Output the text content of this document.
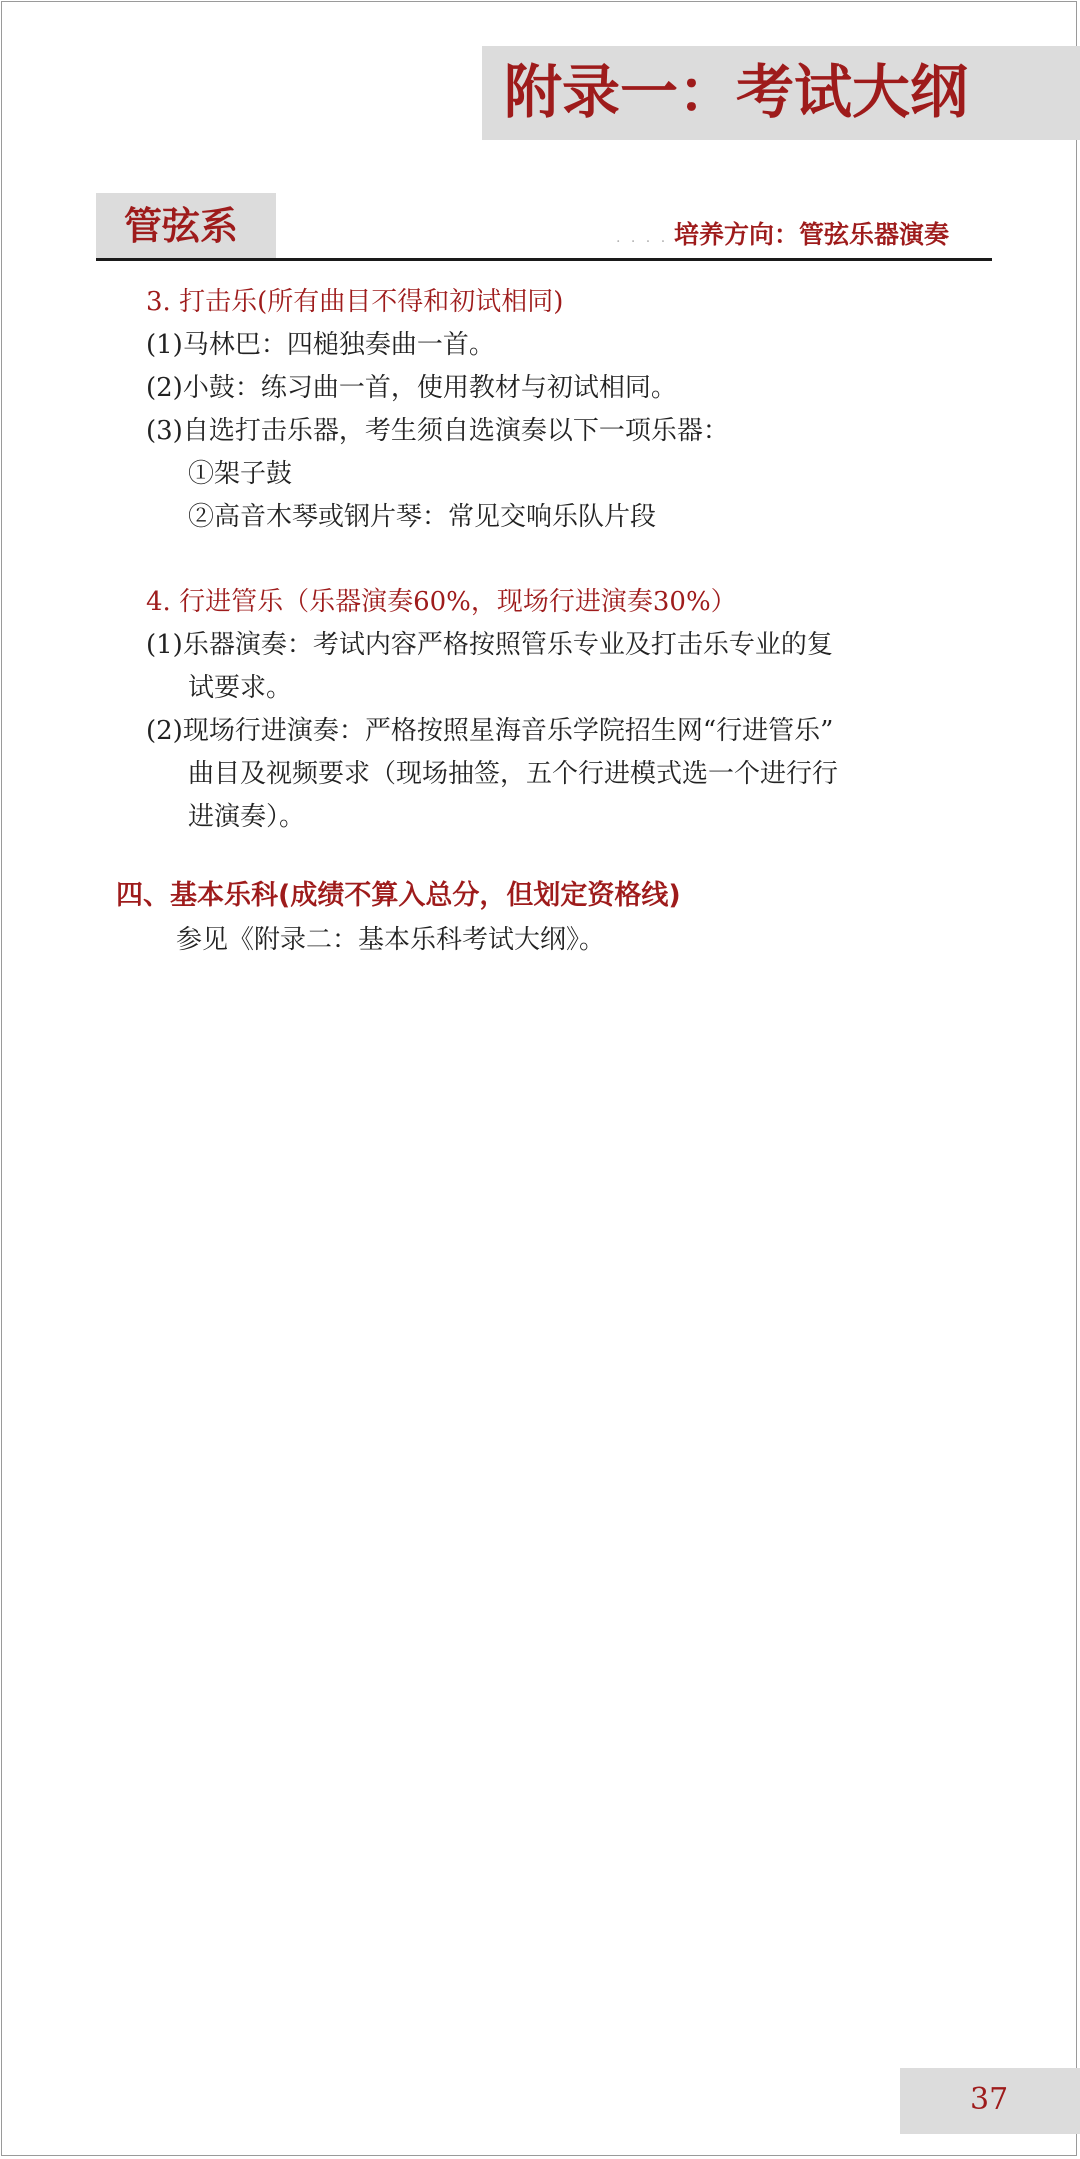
附录一：考试大纲
管弦系	. . . . 培养方向：管弦乐器演奏
3. 打击乐(所有曲目不得和初试相同)
(1)马林巴：四槌独奏曲一首。
(2)小鼓：练习曲一首，使用教材与初试相同。
(3)自选打击乐器，考生须自选演奏以下一项乐器：
①架子鼓
②高音木琴或钢片琴：常见交响乐队片段
4. 行进管乐（乐器演奏60%，现场行进演奏30%）
(1)乐器演奏：考试内容严格按照管乐专业及打击乐专业的复
试要求。
(2)现场行进演奏：严格按照星海音乐学院招生网“行进管乐”
曲目及视频要求（现场抽签，五个行进模式选一个进行行
进演奏）。
四、基本乐科(成绩不算入总分，但划定资格线)
参见《附录二：基本乐科考试大纲》。
37
